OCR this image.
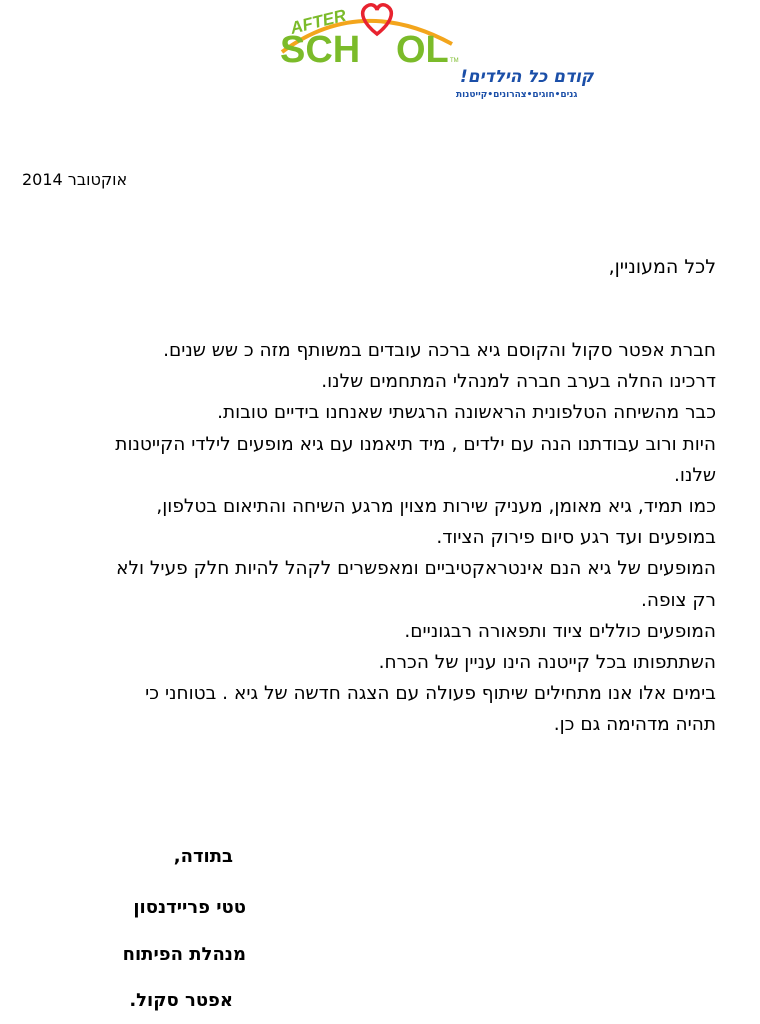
AFTER
SCH OL TM
קודם כל הילדים!
גנים•חוגים•צהרונים•קייטנות
אוקטובר 2014
לכל המעוניין,
חברת אפטר סקול והקוסם גיא ברכה עובדים במשותף מזה כ שש שנים.
דרכינו החלה בערב חברה למנהלי המתחמים שלנו.
כבר מהשיחה הטלפונית הראשונה הרגשתי שאנחנו בידיים טובות.
היות ורוב עבודתנו הנה עם ילדים , מיד תיאמנו עם גיא מופעים לילדי הקייטנות
שלנו.
כמו תמיד, גיא מאומן, מעניק שירות מצוין מרגע השיחה והתיאום בטלפון,
במופעים ועד רגע סיום פירוק הציוד.
המופעים של גיא הנם אינטראקטיביים ומאפשרים לקהל להיות חלק פעיל ולא
רק צופה.
המופעים כוללים ציוד ותפאורה רבגוניים.
השתתפותו בכל קייטנה הינו עניין של הכרח.
בימים אלו אנו מתחילים שיתוף פעולה עם הצגה חדשה של גיא . בטוחני כי
תהיה מדהימה גם כן.
בתודה,
טטי פריידנסון
מנהלת הפיתוח
אפטר סקול.
